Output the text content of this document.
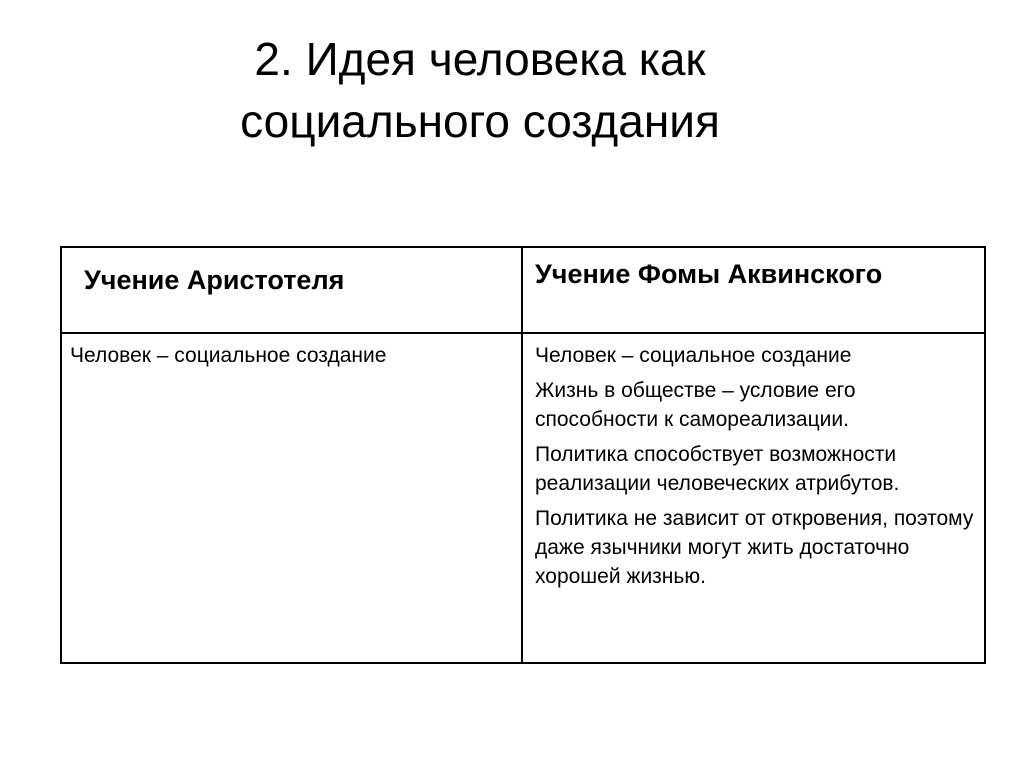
2. Идея человека как
социального создания
Учение Аристотеля	Учение Фомы Аквинского

Человек – социальное создание	Человек – социальное создание

Жизнь в обществе – условие его способности к самореализации.

Политика способствует возможности реализации человеческих атрибутов.

Политика не зависит от откровения, поэтому даже язычники могут жить достаточно хорошей жизнью.
